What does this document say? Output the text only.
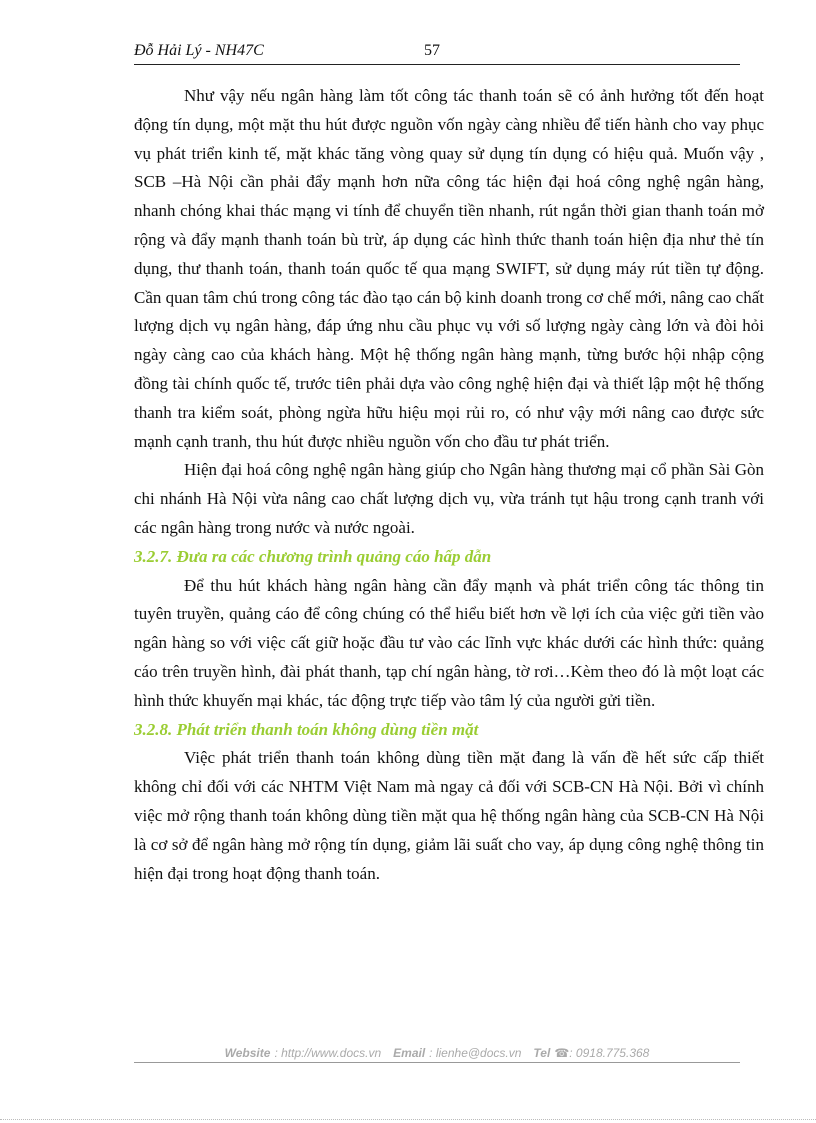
Đỗ Hải Lý - NH47C	57

Như vậy nếu ngân hàng làm tốt công tác thanh toán sẽ có ảnh hưởng tốt đến hoạt động tín dụng, một mặt thu hút được nguồn vốn ngày càng nhiều để tiến hành cho vay phục vụ phát triển kinh tế, mặt khác tăng vòng quay sử dụng tín dụng có hiệu quả. Muốn vậy , SCB –Hà Nội cần phải đẩy mạnh hơn nữa công tác hiện đại hoá công nghệ ngân hàng, nhanh chóng khai thác mạng vi tính để chuyển tiền nhanh, rút ngắn thời gian thanh toán mở rộng và đẩy mạnh thanh toán bù trừ, áp dụng các hình thức thanh toán hiện địa như thẻ tín dụng, thư thanh toán, thanh toán quốc tế qua mạng SWIFT, sử dụng máy rút tiền tự động. Cần quan tâm chú trong công tác đào tạo cán bộ kinh doanh trong cơ chế mới, nâng cao chất lượng dịch vụ ngân hàng, đáp ứng nhu cầu phục vụ với số lượng ngày càng lớn và đòi hỏi ngày càng cao của khách hàng. Một hệ thống ngân hàng mạnh, từng bước hội nhập cộng đồng tài chính quốc tế, trước tiên phải dựa vào công nghệ hiện đại và thiết lập một hệ thống thanh tra kiểm soát, phòng ngừa hữu hiệu mọi rủi ro, có như vậy mới nâng cao được sức mạnh cạnh tranh, thu hút được nhiều nguồn vốn cho đầu tư phát triển.

Hiện đại hoá công nghệ ngân hàng giúp cho Ngân hàng thương mại cổ phần Sài Gòn chi nhánh Hà Nội vừa nâng cao chất lượng dịch vụ, vừa tránh tụt hậu trong cạnh tranh với các ngân hàng trong nước và nước ngoài.

3.2.7. Đưa ra các chương trình quảng cáo hấp dẫn

Để thu hút khách hàng ngân hàng cần đẩy mạnh và phát triển công tác thông tin tuyên truyền, quảng cáo để công chúng có thể hiểu biết hơn về lợi ích của việc gửi tiền vào ngân hàng so với việc cất giữ hoặc đầu tư vào các lĩnh vực khác dưới các hình thức: quảng cáo trên truyền hình, đài phát thanh, tạp chí ngân hàng, tờ rơi…Kèm theo đó là một loạt các hình thức khuyến mại khác, tác động trực tiếp vào tâm lý của người gửi tiền.

3.2.8. Phát triển thanh toán không dùng tiền mặt

Việc phát triển thanh toán không dùng tiền mặt đang là vấn đề hết sức cấp thiết không chỉ đối với các NHTM Việt Nam mà ngay cả đối với SCB-CN Hà Nội. Bởi vì chính việc mở rộng thanh toán không dùng tiền mặt qua hệ thống ngân hàng của SCB-CN Hà Nội là cơ sở để ngân hàng mở rộng tín dụng, giảm lãi suất cho vay, áp dụng công nghệ thông tin hiện đại trong hoạt động thanh toán.

Website : http://www.docs.vn Email : lienhe@docs.vn Tel ☎: 0918.775.368
